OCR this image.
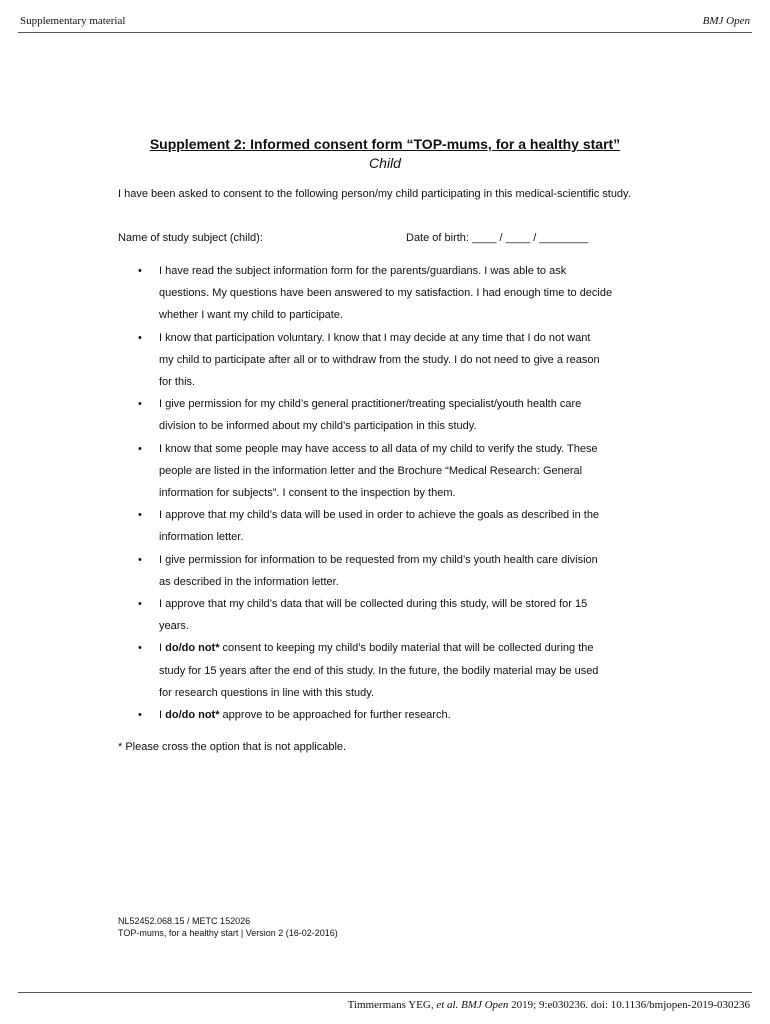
Supplementary material	BMJ Open
Supplement 2: Informed consent form “TOP-mums, for a healthy start”
Child
I have been asked to consent to the following person/my child participating in this medical-scientific study.
Name of study subject (child):	Date of birth: ____ / ____ / ________
• I have read the subject information form for the parents/guardians. I was able to ask
questions. My questions have been answered to my satisfaction. I had enough time to decide
whether I want my child to participate.
• I know that participation voluntary. I know that I may decide at any time that I do not want
my child to participate after all or to withdraw from the study. I do not need to give a reason
for this.
• I give permission for my child’s general practitioner/treating specialist/youth health care
division to be informed about my child’s participation in this study.
• I know that some people may have access to all data of my child to verify the study. These
people are listed in the information letter and the Brochure “Medical Research: General
information for subjects”. I consent to the inspection by them.
• I approve that my child’s data will be used in order to achieve the goals as described in the
information letter.
• I give permission for information to be requested from my child’s youth health care division
as described in the information letter.
• I approve that my child’s data that will be collected during this study, will be stored for 15
years.
• I do/do not* consent to keeping my child’s bodily material that will be collected during the
study for 15 years after the end of this study. In the future, the bodily material may be used
for research questions in line with this study.
• I do/do not* approve to be approached for further research.
* Please cross the option that is not applicable.
NL52452.068.15 / METC 152026
TOP-mums, for a healthy start | Version 2 (16-02-2016)
Timmermans YEG, et al. BMJ Open 2019; 9:e030236. doi: 10.1136/bmjopen-2019-030236
